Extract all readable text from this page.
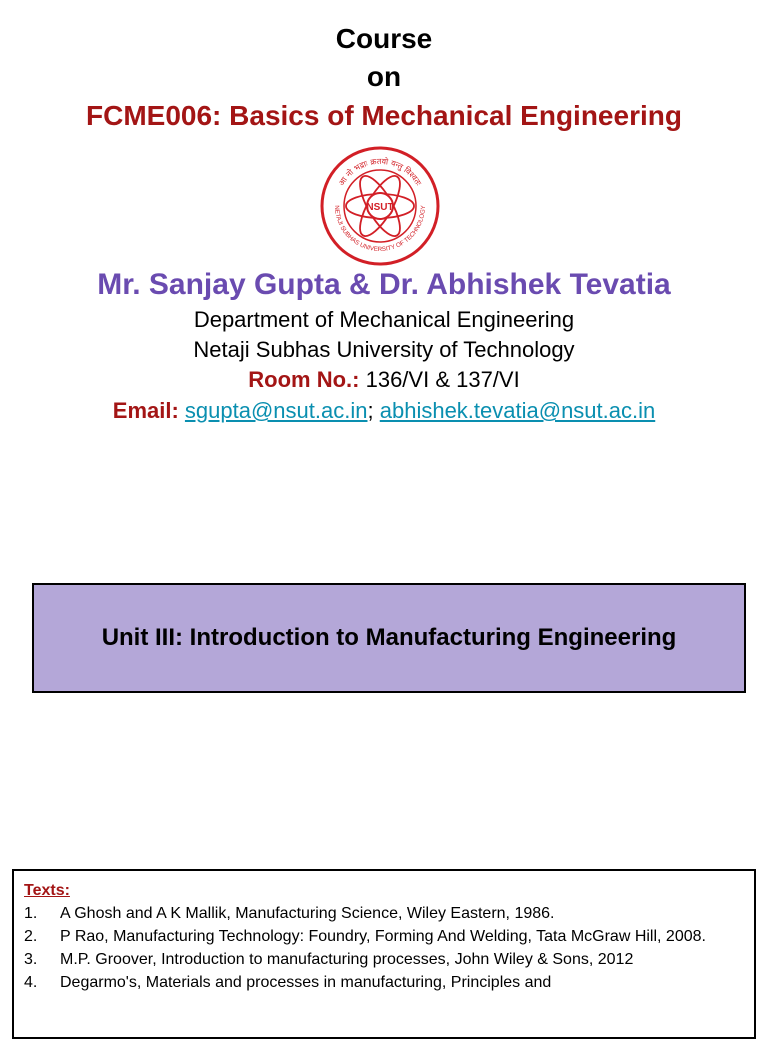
Course
on
FCME006: Basics of Mechanical Engineering
NSUT
आ नो भद्राः क्रतवो यन्तु विश्वतः
NETAJI SUBHAS UNIVERSITY OF TECHNOLOGY
Mr. Sanjay Gupta & Dr. Abhishek Tevatia
Department of Mechanical Engineering
Netaji Subhas University of Technology
Room No.: 136/VI & 137/VI
Email: sgupta@nsut.ac.in; abhishek.tevatia@nsut.ac.in
Unit III: Introduction to Manufacturing Engineering
Texts:
1.	A Ghosh and A K Mallik, Manufacturing Science, Wiley Eastern, 1986.
2.	P Rao, Manufacturing Technology: Foundry, Forming And Welding, Tata McGraw Hill, 2008.
3.	M.P. Groover, Introduction to manufacturing processes, John Wiley & Sons, 2012
4.	Degarmo's, Materials and processes in manufacturing, Principles and
